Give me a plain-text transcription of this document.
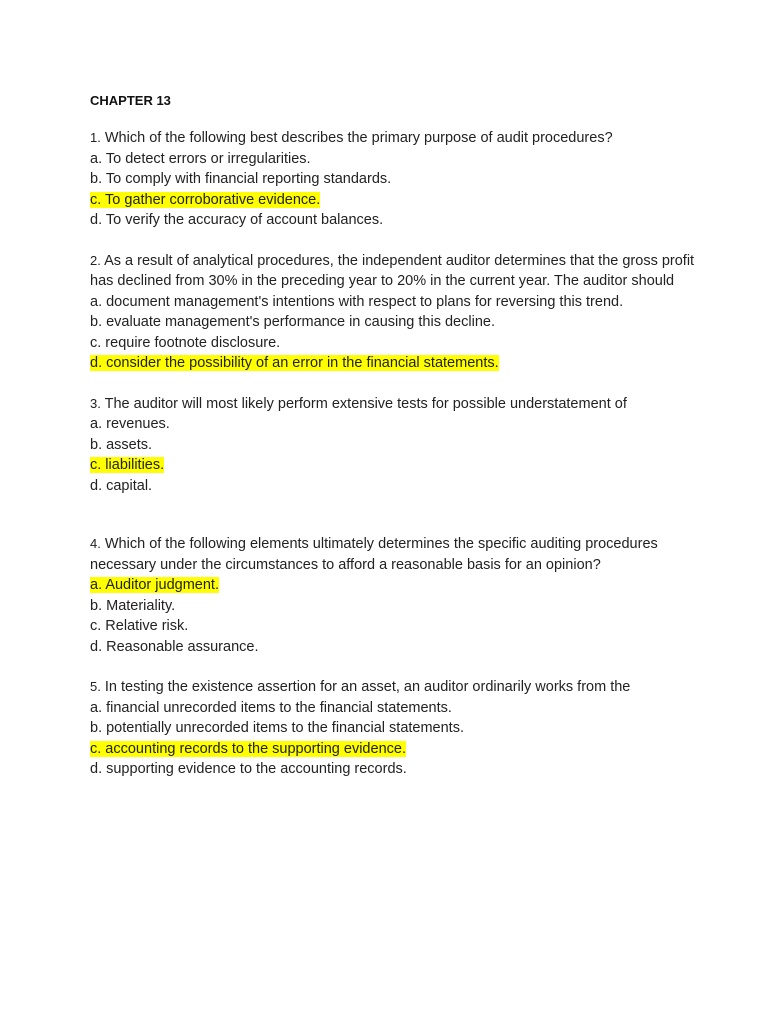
CHAPTER 13
1. Which of the following best describes the primary purpose of audit procedures?
a. To detect errors or irregularities.
b. To comply with financial reporting standards.
c. To gather corroborative evidence.
d. To verify the accuracy of account balances.
2. As a result of analytical procedures, the independent auditor determines that the gross profit has declined from 30% in the preceding year to 20% in the current year. The auditor should
a. document management's intentions with respect to plans for reversing this trend.
b. evaluate management's performance in causing this decline.
c. require footnote disclosure.
d. consider the possibility of an error in the financial statements.
3. The auditor will most likely perform extensive tests for possible understatement of
a. revenues.
b. assets.
c. liabilities.
d. capital.
4. Which of the following elements ultimately determines the specific auditing procedures necessary under the circumstances to afford a reasonable basis for an opinion?
a. Auditor judgment.
b. Materiality.
c. Relative risk.
d. Reasonable assurance.
5. In testing the existence assertion for an asset, an auditor ordinarily works from the
a. financial unrecorded items to the financial statements.
b. potentially unrecorded items to the financial statements.
c. accounting records to the supporting evidence.
d. supporting evidence to the accounting records.
